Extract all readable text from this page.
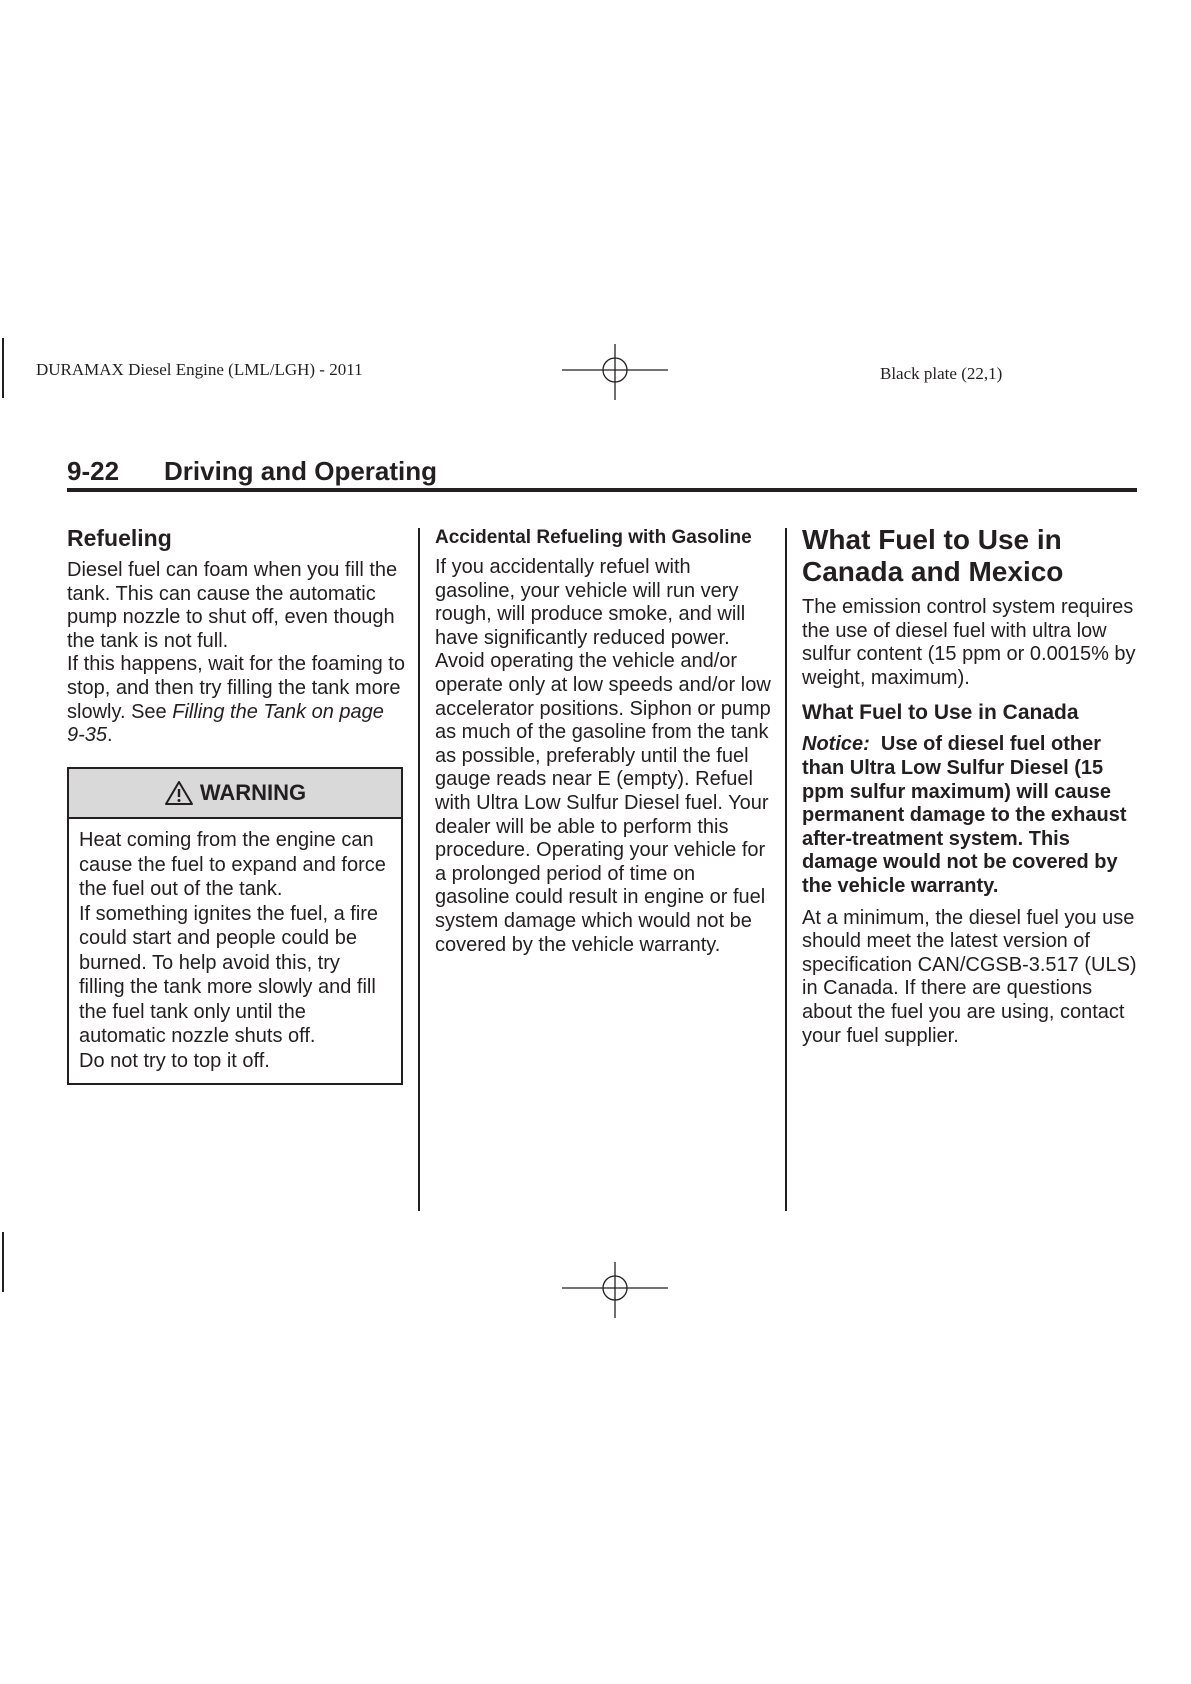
DURAMAX Diesel Engine (LML/LGH) - 2011	Black plate (22,1)
9-22 Driving and Operating
Refueling

Diesel fuel can foam when you fill the tank. This can cause the automatic pump nozzle to shut off, even though the tank is not full.

If this happens, wait for the foaming to stop, and then try filling the tank more slowly. See Filling the Tank on page 9-35.

WARNING

Heat coming from the engine can cause the fuel to expand and force the fuel out of the tank.

If something ignites the fuel, a fire could start and people could be burned. To help avoid this, try filling the tank more slowly and fill the fuel tank only until the automatic nozzle shuts off.

Do not try to top it off.

Accidental Refueling with Gasoline

If you accidentally refuel with gasoline, your vehicle will run very rough, will produce smoke, and will have significantly reduced power. Avoid operating the vehicle and/or operate only at low speeds and/or low accelerator positions. Siphon or pump as much of the gasoline from the tank as possible, preferably until the fuel gauge reads near E (empty). Refuel with Ultra Low Sulfur Diesel fuel. Your dealer will be able to perform this procedure. Operating your vehicle for a prolonged period of time on gasoline could result in engine or fuel system damage which would not be covered by the vehicle warranty.

What Fuel to Use in Canada and Mexico

The emission control system requires the use of diesel fuel with ultra low sulfur content (15 ppm or 0.0015% by weight, maximum).

What Fuel to Use in Canada

Notice: Use of diesel fuel other than Ultra Low Sulfur Diesel (15 ppm sulfur maximum) will cause permanent damage to the exhaust after-treatment system. This damage would not be covered by the vehicle warranty.

At a minimum, the diesel fuel you use should meet the latest version of specification CAN/CGSB-3.517 (ULS) in Canada. If there are questions about the fuel you are using, contact your fuel supplier.
